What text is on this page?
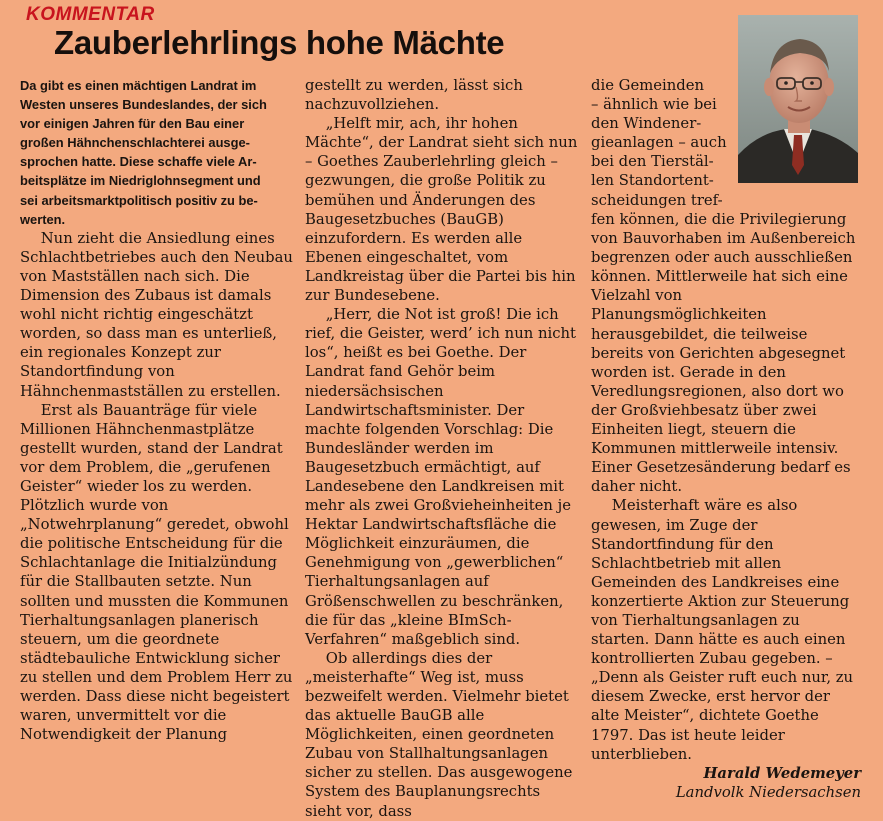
KOMMENTAR
Zauberlehrlings hohe Mächte
Da gibt es einen mächtigen Landrat im
Westen unseres Bundeslandes, der sich
vor einigen Jahren für den Bau einer
großen Hähnchenschlachterei ausge-
sprochen hatte. Diese schaffe viele Ar-
beitsplätze im Niedriglohnsegment und
sei arbeitsmarktpolitisch positiv zu be-
werten.

Nun zieht die Ansiedlung eines Schlachtbetriebes auch den Neubau von Mastställen nach sich. Die Dimension des Zubaus ist damals wohl nicht richtig eingeschätzt worden, so dass man es unterließ, ein regionales Konzept zur Standortfindung von Hähnchenmastställen zu erstellen.

Erst als Bauanträge für viele Millionen Hähnchenmastplätze gestellt wurden, stand der Landrat vor dem Problem, die „gerufenen Geister“ wieder los zu werden. Plötzlich wurde von „Notwehrplanung“ geredet, obwohl die politische Entscheidung für die Schlachtanlage die Initialzündung für die Stallbauten setzte. Nun sollten und mussten die Kommunen Tierhaltungsanlagen planerisch steuern, um die geordnete städtebauliche Entwicklung sicher zu stellen und dem Problem Herr zu werden. Dass diese nicht begeistert waren, unvermittelt vor die Notwendigkeit der Planung

gestellt zu werden, lässt sich nachzuvollziehen.

„Helft mir, ach, ihr hohen Mächte“, der Landrat sieht sich nun – Goethes Zauberlehrling gleich – gezwungen, die große Politik zu bemühen und Änderungen des Baugesetzbuches (BauGB) einzufordern. Es werden alle Ebenen eingeschaltet, vom Landkreistag über die Partei bis hin zur Bundesebene.

„Herr, die Not ist groß! Die ich rief, die Geister, werd’ ich nun nicht los“, heißt es bei Goethe. Der Landrat fand Gehör beim niedersächsischen Landwirtschaftsminister. Der machte folgenden Vorschlag: Die Bundesländer werden im Baugesetzbuch ermächtigt, auf Landesebene den Landkreisen mit mehr als zwei Großvieheinheiten je Hektar Landwirtschaftsfläche die Möglichkeit einzuräumen, die Genehmigung von „gewerblichen“ Tierhaltungsanlagen auf Größenschwellen zu beschränken, die für das „kleine BImSch-Verfahren“ maßgeblich sind.

Ob allerdings dies der „meisterhafte“ Weg ist, muss bezweifelt werden. Vielmehr bietet das aktuelle BauGB alle Möglichkeiten, einen geordneten Zubau von Stallhaltungsanlagen sicher zu stellen. Das ausgewogene System des Bauplanungsrechts sieht vor, dass

die Gemeinden
– ähnlich wie bei
den Windener-
gieanlagen – auch
bei den Tierstäl-
len Standortent-
scheidungen tref-

fen können, die die Privilegierung von Bauvorhaben im Außenbereich begrenzen oder auch ausschließen können. Mittlerweile hat sich eine Vielzahl von Planungsmöglichkeiten herausgebildet, die teilweise bereits von Gerichten abgesegnet worden ist. Gerade in den Veredlungsregionen, also dort wo der Großviehbesatz über zwei Einheiten liegt, steuern die Kommunen mittlerweile intensiv. Einer Gesetzesänderung bedarf es daher nicht.

Meisterhaft wäre es also gewesen, im Zuge der Standortfindung für den Schlachtbetrieb mit allen Gemeinden des Landkreises eine konzertierte Aktion zur Steuerung von Tierhaltungsanlagen zu starten. Dann hätte es auch einen kontrollierten Zubau gegeben. – „Denn als Geister ruft euch nur, zu diesem Zwecke, erst hervor der alte Meister“, dichtete Goethe 1797. Das ist heute leider unterblieben.

Harald Wedemeyer
Landvolk Niedersachsen
